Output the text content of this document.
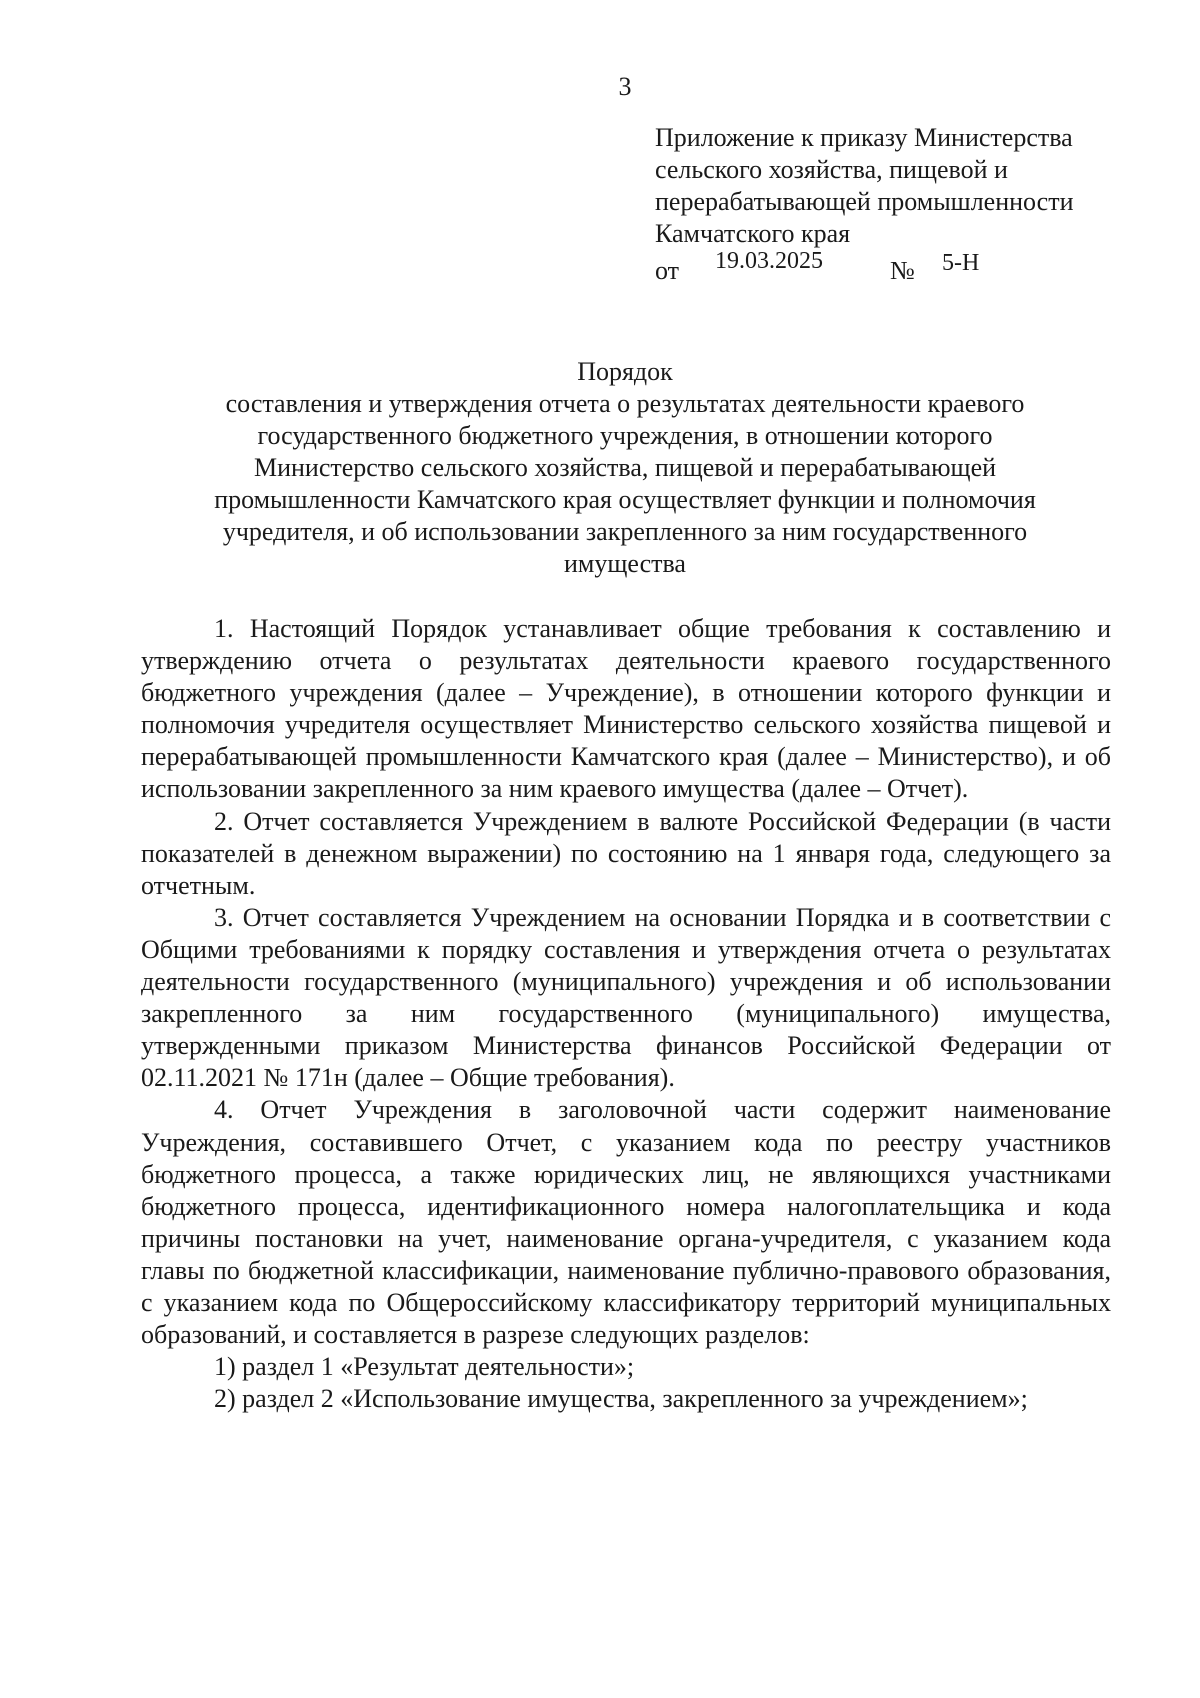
3
Приложение к приказу Министерства
сельского хозяйства, пищевой и
перерабатывающей промышленности
Камчатского края
от 19.03.2025	№ 5-Н
Порядок
составления и утверждения отчета о результатах деятельности краевого
государственного бюджетного учреждения, в отношении которого
Министерство сельского хозяйства, пищевой и перерабатывающей
промышленности Камчатского края осуществляет функции и полномочия
учредителя, и об использовании закрепленного за ним государственного
имущества

1. Настоящий Порядок устанавливает общие требования к составлению и утверждению отчета о результатах деятельности краевого государственного бюджетного учреждения (далее – Учреждение), в отношении которого функции и полномочия учредителя осуществляет Министерство сельского хозяйства пищевой и перерабатывающей промышленности Камчатского края (далее – Министерство), и об использовании закрепленного за ним краевого имущества (далее – Отчет).

2. Отчет составляется Учреждением в валюте Российской Федерации (в части показателей в денежном выражении) по состоянию на 1 января года, следующего за отчетным.

3. Отчет составляется Учреждением на основании Порядка и в соответствии с Общими требованиями к порядку составления и утверждения отчета о результатах деятельности государственного (муниципального) учреждения и об использовании закрепленного за ним государственного (муниципального) имущества, утвержденными приказом Министерства финансов Российской Федерации от 02.11.2021 № 171н (далее – Общие требования).

4. Отчет Учреждения в заголовочной части содержит наименование Учреждения, составившего Отчет, с указанием кода по реестру участников бюджетного процесса, а также юридических лиц, не являющихся участниками бюджетного процесса, идентификационного номера налогоплательщика и кода причины постановки на учет, наименование органа-учредителя, с указанием кода главы по бюджетной классификации, наименование публично-правового образования, с указанием кода по Общероссийскому классификатору территорий муниципальных образований, и составляется в разрезе следующих разделов:

1) раздел 1 «Результат деятельности»;

2) раздел 2 «Использование имущества, закрепленного за учреждением»;
